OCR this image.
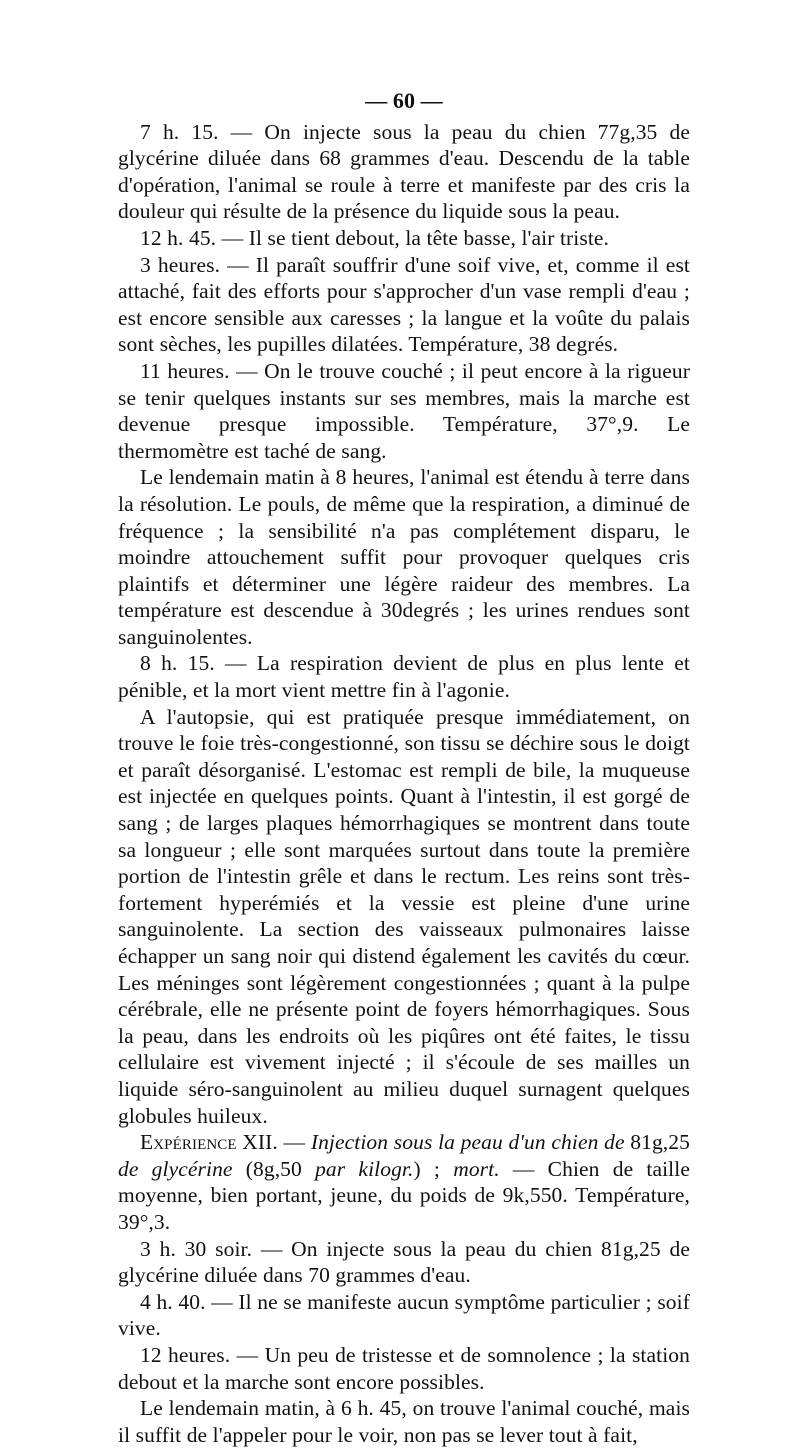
— 60 —

7 h. 15. — On injecte sous la peau du chien 77g,35 de glycérine diluée dans 68 grammes d'eau. Descendu de la table d'opération, l'animal se roule à terre et manifeste par des cris la douleur qui résulte de la présence du liquide sous la peau.

12 h. 45. — Il se tient debout, la tête basse, l'air triste.

3 heures. — Il paraît souffrir d'une soif vive, et, comme il est attaché, fait des efforts pour s'approcher d'un vase rempli d'eau ; est encore sensible aux caresses ; la langue et la voûte du palais sont sèches, les pupilles dilatées. Température, 38 degrés.

11 heures. — On le trouve couché ; il peut encore à la rigueur se tenir quelques instants sur ses membres, mais la marche est devenue presque impossible. Température, 37°,9. Le thermomètre est taché de sang.

Le lendemain matin à 8 heures, l'animal est étendu à terre dans la résolution. Le pouls, de même que la respiration, a diminué de fréquence ; la sensibilité n'a pas complétement disparu, le moindre attouchement suffit pour provoquer quelques cris plaintifs et déterminer une légère raideur des membres. La température est descendue à 30degrés ; les urines rendues sont sanguinolentes.

8 h. 15. — La respiration devient de plus en plus lente et pénible, et la mort vient mettre fin à l'agonie.

A l'autopsie, qui est pratiquée presque immédiatement, on trouve le foie très-congestionné, son tissu se déchire sous le doigt et paraît désorganisé. L'estomac est rempli de bile, la muqueuse est injectée en quelques points. Quant à l'intestin, il est gorgé de sang ; de larges plaques hémorrhagiques se montrent dans toute sa longueur ; elle sont marquées surtout dans toute la première portion de l'intestin grêle et dans le rectum. Les reins sont très-fortement hyperémiés et la vessie est pleine d'une urine sanguinolente. La section des vaisseaux pulmonaires laisse échapper un sang noir qui distend également les cavités du cœur. Les méninges sont légèrement congestionnées ; quant à la pulpe cérébrale, elle ne présente point de foyers hémorrhagiques. Sous la peau, dans les endroits où les piqûres ont été faites, le tissu cellulaire est vivement injecté ; il s'écoule de ses mailles un liquide séro-sanguinolent au milieu duquel surnagent quelques globules huileux.

Expérience XII. — Injection sous la peau d'un chien de 81g,25 de glycérine (8g,50 par kilogr.) ; mort. — Chien de taille moyenne, bien portant, jeune, du poids de 9k,550. Température, 39°,3.

3 h. 30 soir. — On injecte sous la peau du chien 81g,25 de glycérine diluée dans 70 grammes d'eau.

4 h. 40. — Il ne se manifeste aucun symptôme particulier ; soif vive.

12 heures. — Un peu de tristesse et de somnolence ; la station debout et la marche sont encore possibles.

Le lendemain matin, à 6 h. 45, on trouve l'animal couché, mais il suffit de l'appeler pour le voir, non pas se lever tout à fait,
